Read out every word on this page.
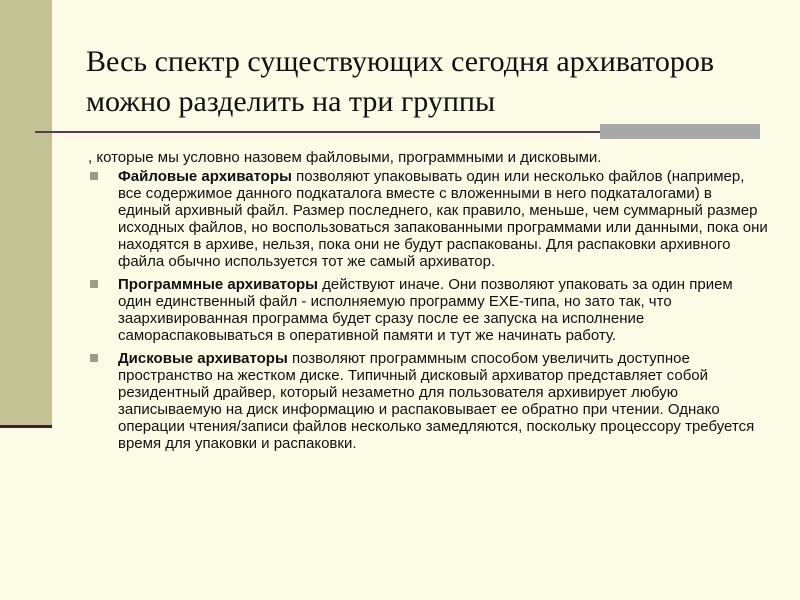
Весь спектр существующих сегодня архиваторов
можно разделить на три группы

, которые мы условно назовем файловыми, программными и дисковыми.

Файловые архиваторы позволяют упаковывать один или несколько файлов (например, все содержимое данного подкаталога вместе с вложенными в него подкаталогами) в единый архивный файл. Размер последнего, как правило, меньше, чем суммарный размер исходных файлов, но воспользоваться запакованными программами или данными, пока они находятся в архиве, нельзя, пока они не будут распакованы. Для распаковки архивного файла обычно используется тот же самый архиватор.
Программные архиваторы действуют иначе. Они позволяют упаковать за один прием один единственный файл - исполняемую программу EXE-типа, но зато так, что заархивированная программа будет сразу после ее запуска на исполнение самораспаковываться в оперативной памяти и тут же начинать работу.
Дисковые архиваторы позволяют программным способом увеличить доступное пространство на жестком диске. Типичный дисковый архиватор представляет собой резидентный драйвер, который незаметно для пользователя архивирует любую записываемую на диск информацию и распаковывает ее обратно при чтении. Однако операции чтения/записи файлов несколько замедляются, поскольку процессору требуется время для упаковки и распаковки.
